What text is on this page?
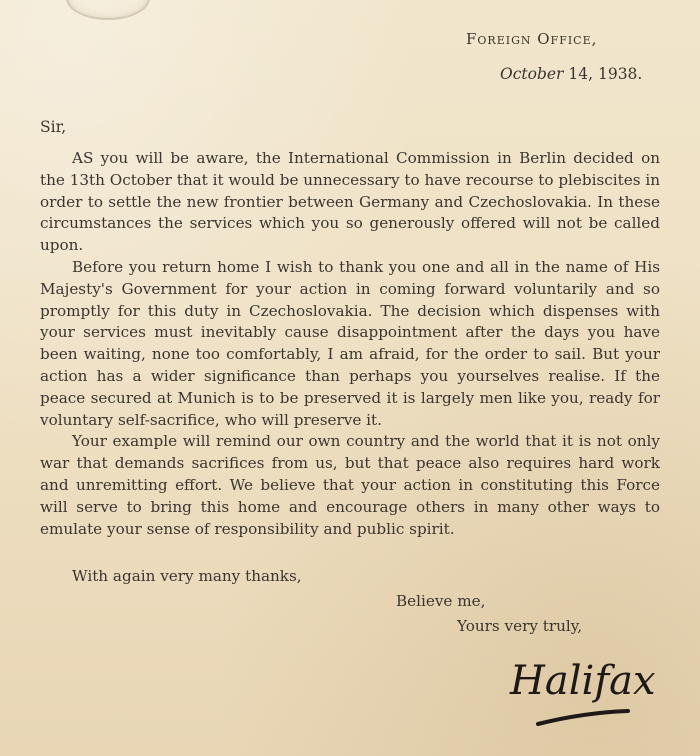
Foreign Office,
October 14, 1938.
Sir,

AS you will be aware, the International Commission in Berlin decided on the 13th October that it would be unnecessary to have recourse to plebiscites in order to settle the new frontier between Germany and Czechoslovakia. In these circumstances the services which you so generously offered will not be called upon.

Before you return home I wish to thank you one and all in the name of His Majesty's Government for your action in coming forward voluntarily and so promptly for this duty in Czechoslovakia. The decision which dispenses with your services must inevitably cause disappointment after the days you have been waiting, none too comfortably, I am afraid, for the order to sail. But your action has a wider significance than perhaps you yourselves realise. If the peace secured at Munich is to be preserved it is largely men like you, ready for voluntary self-sacrifice, who will preserve it.

Your example will remind our own country and the world that it is not only war that demands sacrifices from us, but that peace also requires hard work and unremitting effort. We believe that your action in constituting this Force will serve to bring this home and encourage others in many other ways to emulate your sense of responsibility and public spirit.

With again very many thanks,
Believe me,
Yours very truly,
Halifax
